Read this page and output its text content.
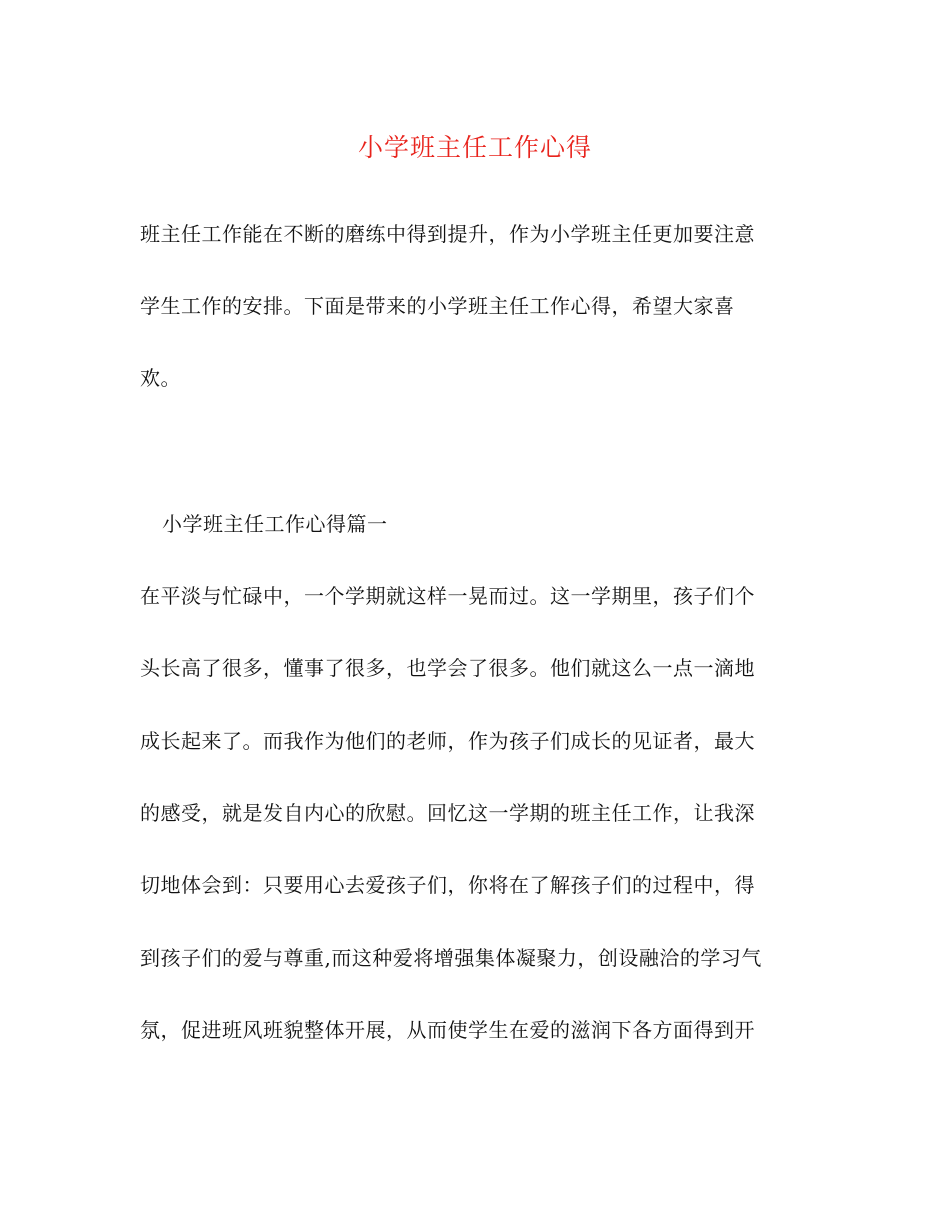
小学班主任工作心得
班主任工作能在不断的磨练中得到提升，作为小学班主任更加要注意
学生工作的安排。下面是带来的小学班主任工作心得，希望大家喜
欢。
小学班主任工作心得篇一
在平淡与忙碌中，一个学期就这样一晃而过。这一学期里，孩子们个
头长高了很多，懂事了很多，也学会了很多。他们就这么一点一滴地
成长起来了。而我作为他们的老师，作为孩子们成长的见证者，最大
的感受，就是发自内心的欣慰。回忆这一学期的班主任工作，让我深
切地体会到：只要用心去爱孩子们，你将在了解孩子们的过程中，得
到孩子们的爱与尊重,而这种爱将增强集体凝聚力，创设融洽的学习气
氛，促进班风班貌整体开展，从而使学生在爱的滋润下各方面得到开
